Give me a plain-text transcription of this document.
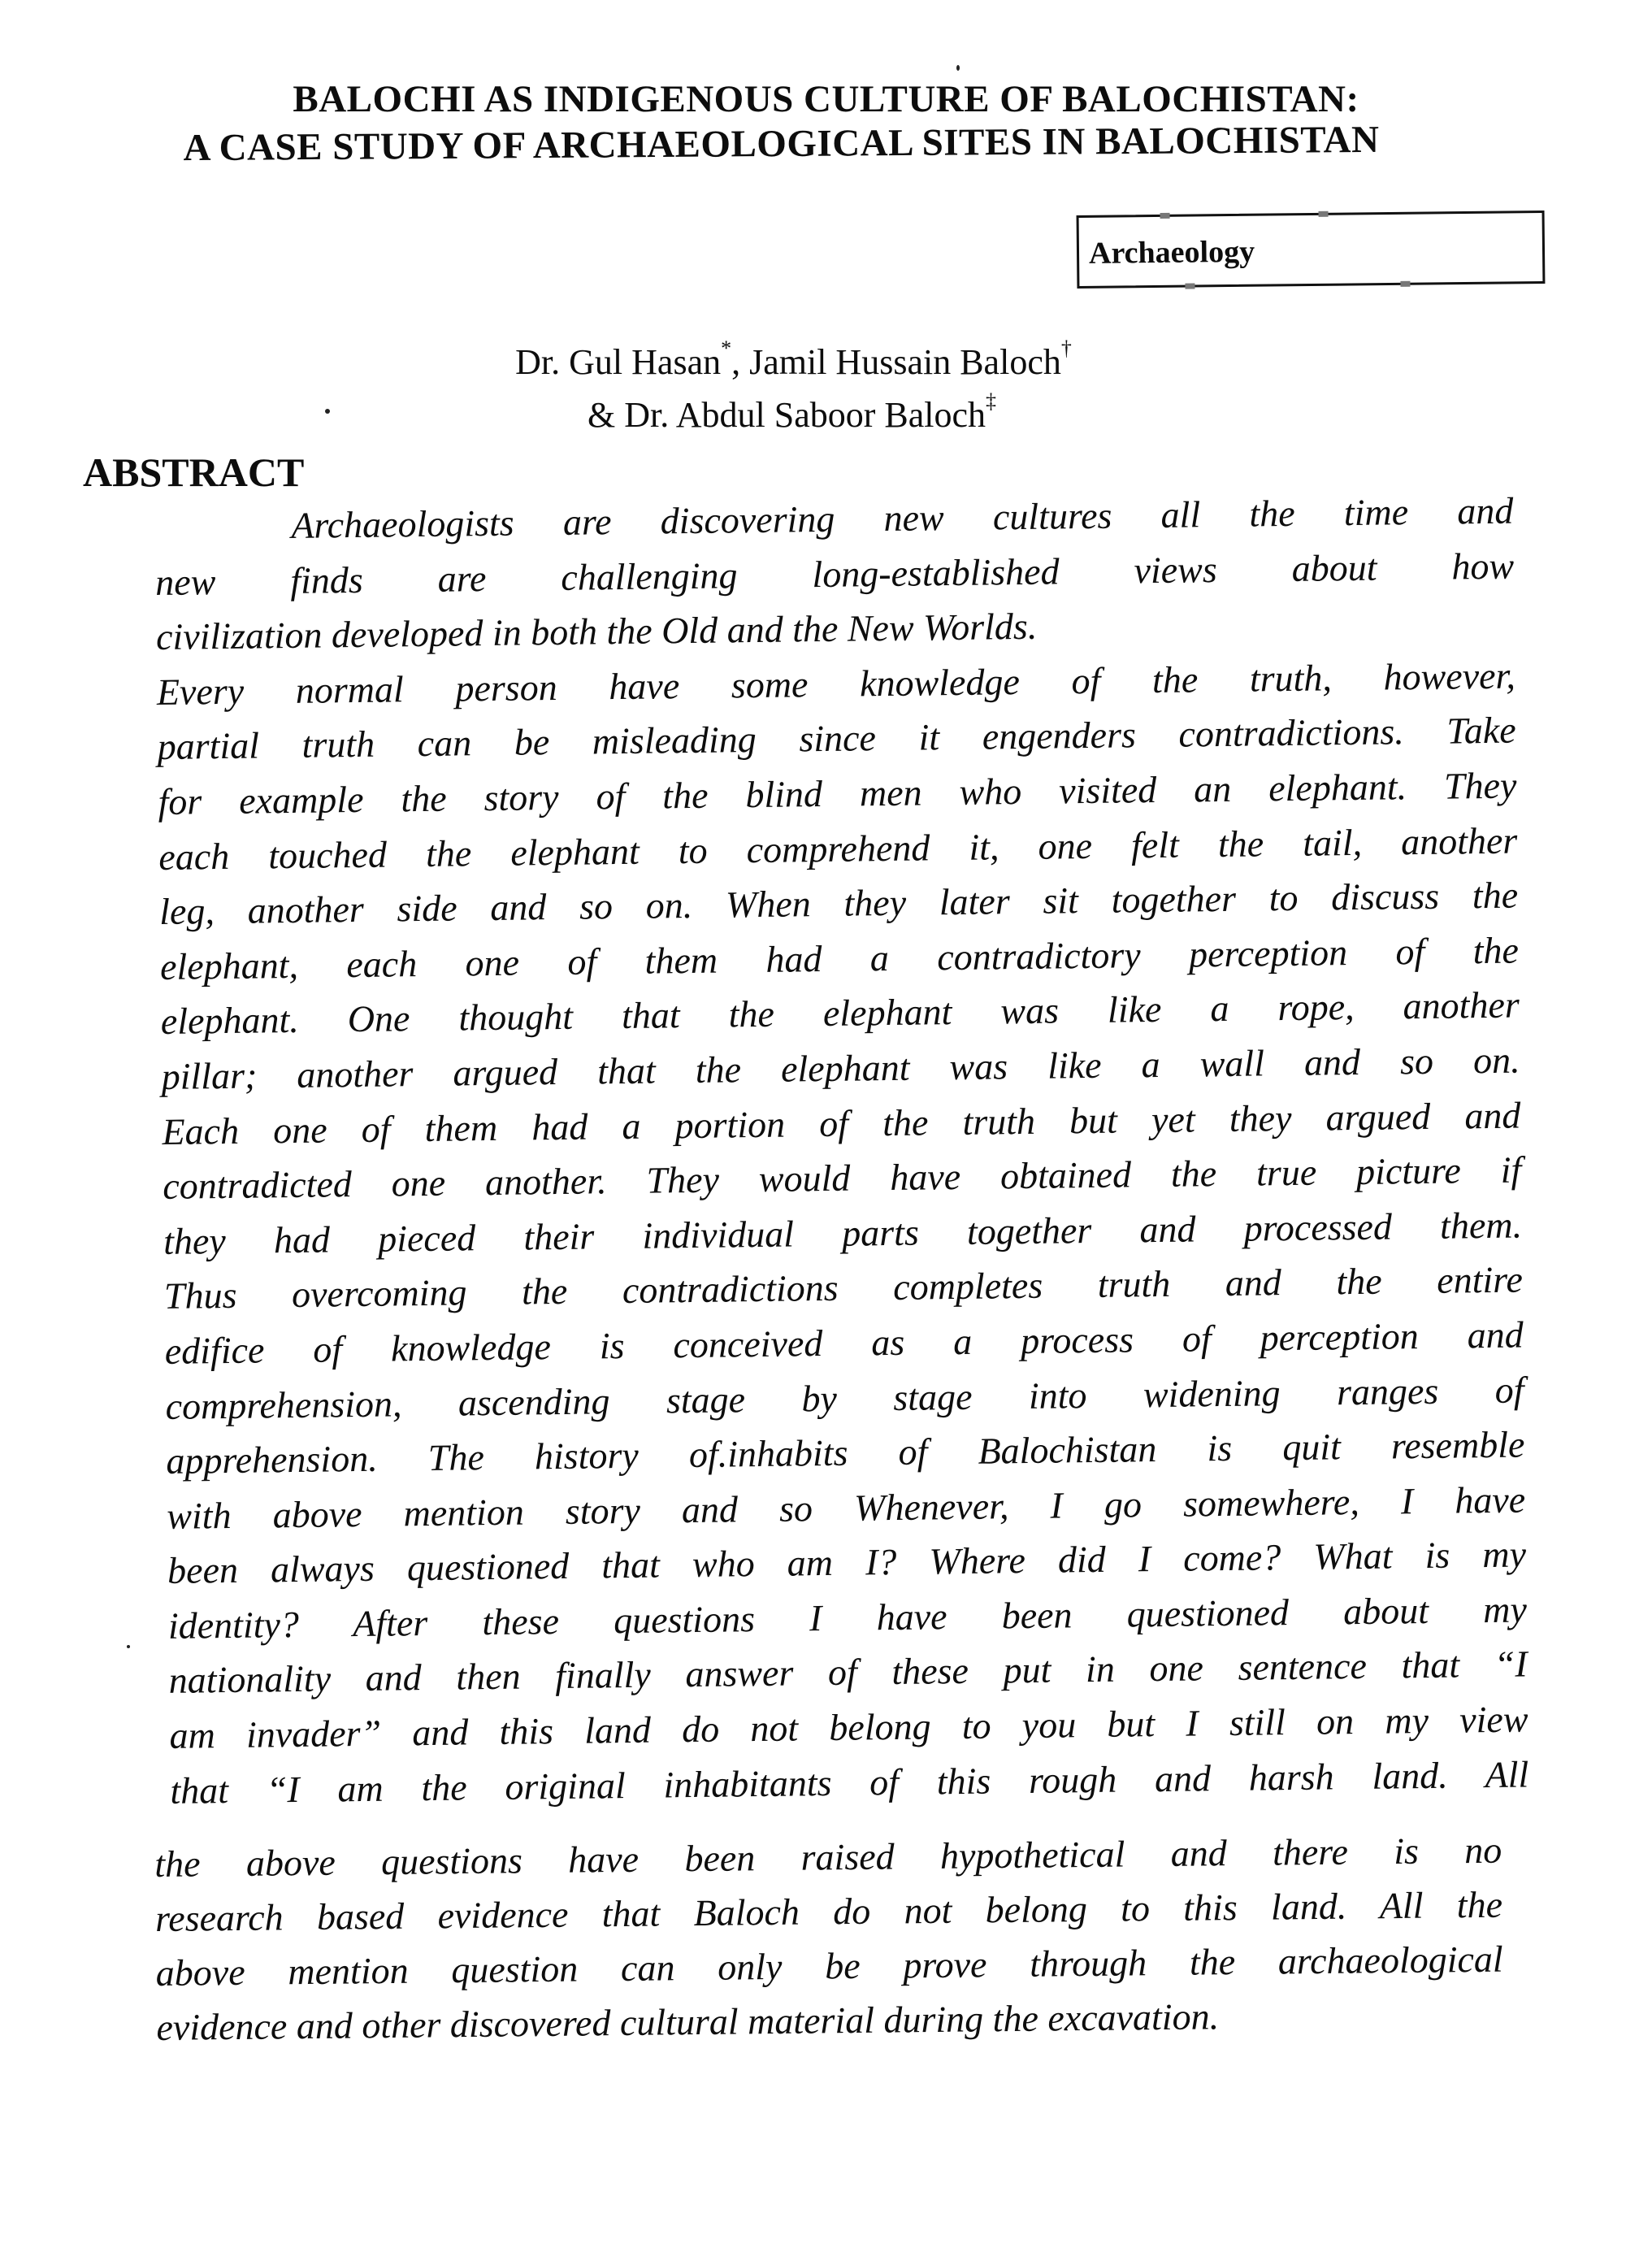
BALOCHI AS INDIGENOUS CULTURE OF BALOCHISTAN:
A CASE STUDY OF ARCHAEOLOGICAL SITES IN BALOCHISTAN
Archaeology
Dr. Gul Hasan*, Jamil Hussain Baloch†
& Dr. Abdul Saboor Baloch‡
ABSTRACT

Archaeologists are discovering new cultures all the time and

new finds are challenging long-established views about how

civilization developed in both the Old and the New Worlds.

Every normal person have some knowledge of the truth, however,

partial truth can be misleading since it engenders contradictions. Take

for example the story of the blind men who visited an elephant. They

each touched the elephant to comprehend it, one felt the tail, another

leg, another side and so on. When they later sit together to discuss the

elephant, each one of them had a contradictory perception of the

elephant. One thought that the elephant was like a rope, another

pillar; another argued that the elephant was like a wall and so on.

Each one of them had a portion of the truth but yet they argued and

contradicted one another. They would have obtained the true picture if

they had pieced their individual parts together and processed them.

Thus overcoming the contradictions completes truth and the entire

edifice of knowledge is conceived as a process of perception and

comprehension, ascending stage by stage into widening ranges of

apprehension. The history of.inhabits of Balochistan is quit resemble

with above mention story and so Whenever, I go somewhere, I have

been always questioned that who am I? Where did I come? What is my

identity? After these questions I have been questioned about my

nationality and then finally answer of these put in one sentence that “I

am invader” and this land do not belong to you but I still on my view

that “I am the original inhabitants of this rough and harsh land. All

the above questions have been raised hypothetical and there is no

research based evidence that Baloch do not belong to this land. All the

above mention question can only be prove through the archaeological

evidence and other discovered cultural material during the excavation.
